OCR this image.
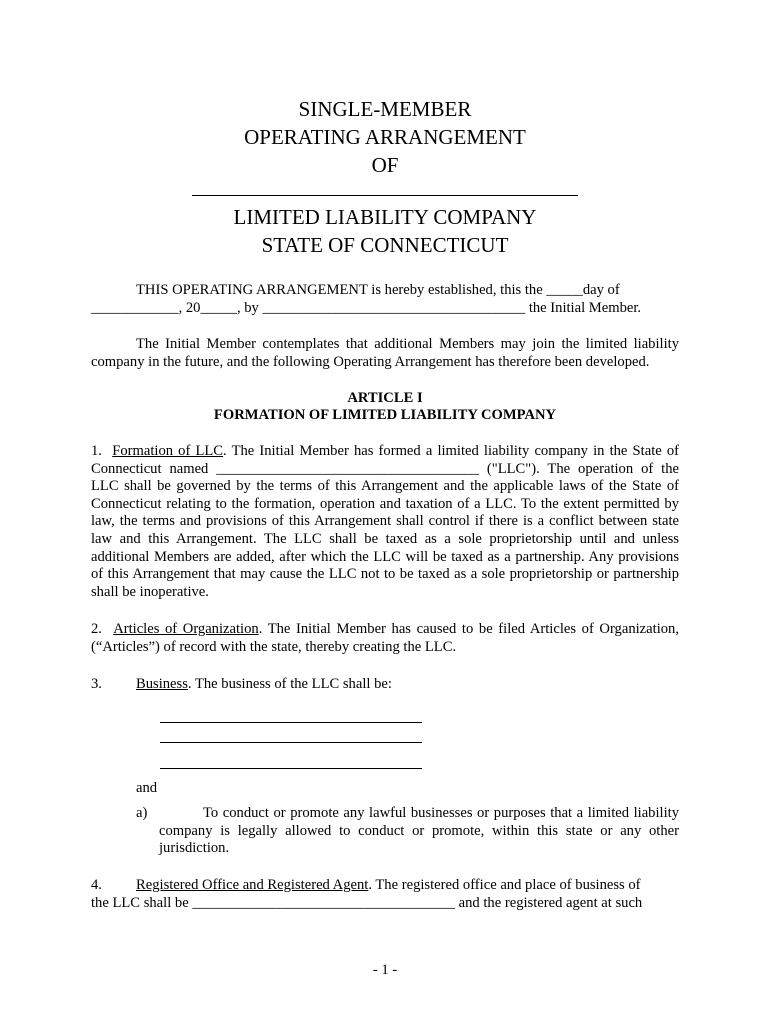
SINGLE-MEMBER
OPERATING ARRANGEMENT
OF
LIMITED LIABILITY COMPANY
STATE OF CONNECTICUT
THIS OPERATING ARRANGEMENT is hereby established, this the _____day of
____________, 20_____, by ____________________________________ the Initial Member.
The Initial Member contemplates that additional Members may join the limited liability company in the future, and the following Operating Arrangement has therefore been developed.
ARTICLE I
FORMATION OF LIMITED LIABILITY COMPANY
1. Formation of LLC. The Initial Member has formed a limited liability company in the State of Connecticut named ____________________________________ ("LLC"). The operation of the LLC shall be governed by the terms of this Arrangement and the applicable laws of the State of Connecticut relating to the formation, operation and taxation of a LLC. To the extent permitted by law, the terms and provisions of this Arrangement shall control if there is a conflict between state law and this Arrangement. The LLC shall be taxed as a sole proprietorship until and unless additional Members are added, after which the LLC will be taxed as a partnership. Any provisions of this Arrangement that may cause the LLC not to be taxed as a sole proprietorship or partnership shall be inoperative.
2. Articles of Organization. The Initial Member has caused to be filed Articles of Organization, (“Articles”) of record with the state, thereby creating the LLC.
3. Business. The business of the LLC shall be:
and
a)	To conduct or promote any lawful businesses or purposes that a limited liability company is legally allowed to conduct or promote, within this state or any other jurisdiction.
4. Registered Office and Registered Agent. The registered office and place of business of
the LLC shall be ____________________________________ and the registered agent at such
- 1 -
